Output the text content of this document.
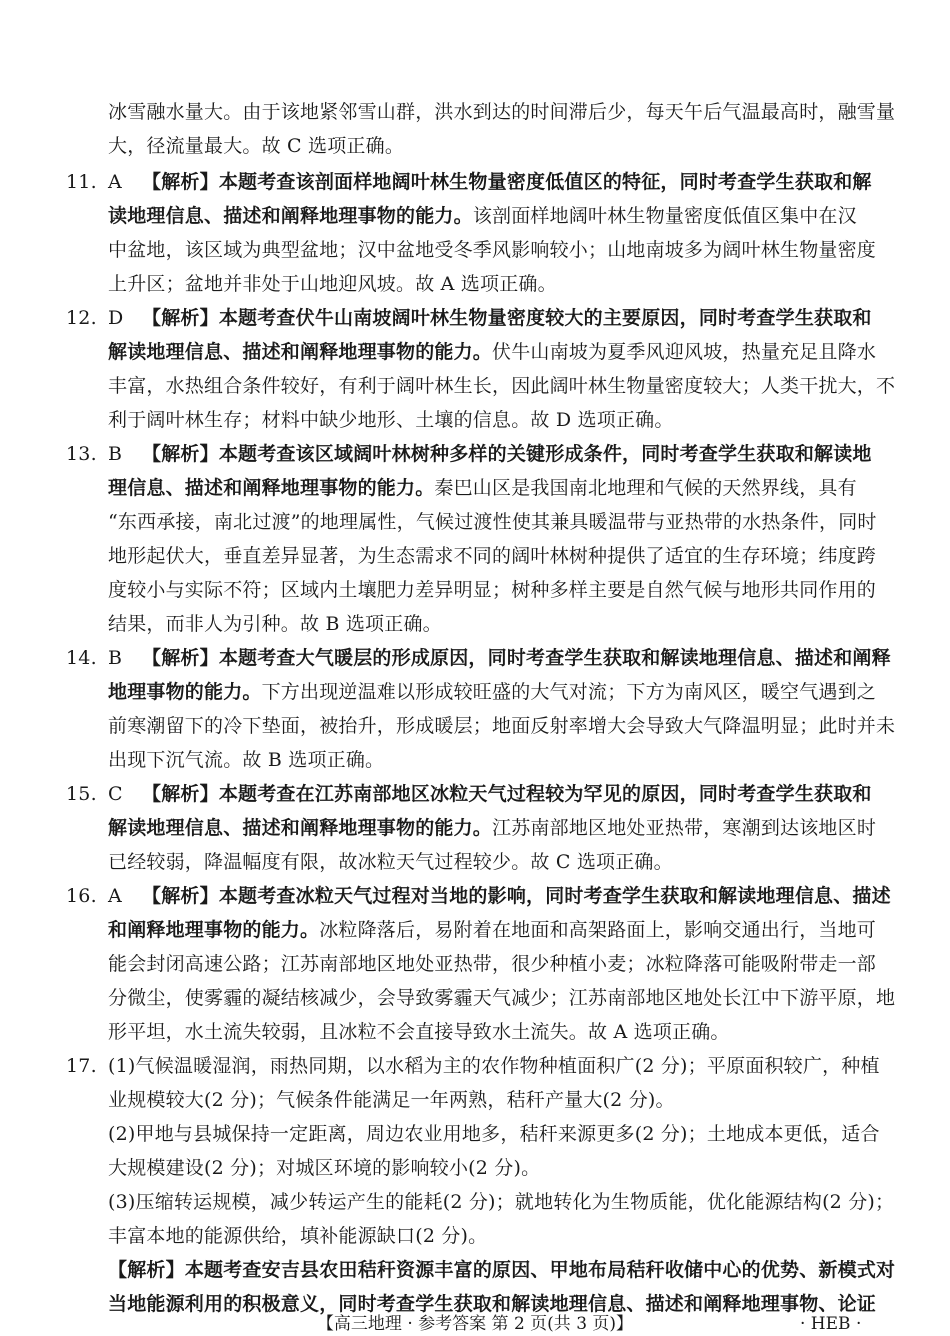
冰雪融水量大。由于该地紧邻雪山群，洪水到达的时间滞后少，每天午后气温最高时，融雪量
大，径流量最大。故 C 选项正确。
11. A 【解析】本题考查该剖面样地阔叶林生物量密度低值区的特征，同时考查学生获取和解
读地理信息、描述和阐释地理事物的能力。该剖面样地阔叶林生物量密度低值区集中在汉
中盆地，该区域为典型盆地；汉中盆地受冬季风影响较小；山地南坡多为阔叶林生物量密度
上升区；盆地并非处于山地迎风坡。故 A 选项正确。
12. D 【解析】本题考查伏牛山南坡阔叶林生物量密度较大的主要原因，同时考查学生获取和
解读地理信息、描述和阐释地理事物的能力。伏牛山南坡为夏季风迎风坡，热量充足且降水
丰富，水热组合条件较好，有利于阔叶林生长，因此阔叶林生物量密度较大；人类干扰大，不
利于阔叶林生存；材料中缺少地形、土壤的信息。故 D 选项正确。
13. B 【解析】本题考查该区域阔叶林树种多样的关键形成条件，同时考查学生获取和解读地
理信息、描述和阐释地理事物的能力。秦巴山区是我国南北地理和气候的天然界线，具有
“东西承接，南北过渡”的地理属性，气候过渡性使其兼具暖温带与亚热带的水热条件，同时
地形起伏大，垂直差异显著，为生态需求不同的阔叶林树种提供了适宜的生存环境；纬度跨
度较小与实际不符；区域内土壤肥力差异明显；树种多样主要是自然气候与地形共同作用的
结果，而非人为引种。故 B 选项正确。
14. B 【解析】本题考查大气暖层的形成原因，同时考查学生获取和解读地理信息、描述和阐释
地理事物的能力。下方出现逆温难以形成较旺盛的大气对流；下方为南风区，暖空气遇到之
前寒潮留下的冷下垫面，被抬升，形成暖层；地面反射率增大会导致大气降温明显；此时并未
出现下沉气流。故 B 选项正确。
15. C 【解析】本题考查在江苏南部地区冰粒天气过程较为罕见的原因，同时考查学生获取和
解读地理信息、描述和阐释地理事物的能力。江苏南部地区地处亚热带，寒潮到达该地区时
已经较弱，降温幅度有限，故冰粒天气过程较少。故 C 选项正确。
16. A 【解析】本题考查冰粒天气过程对当地的影响，同时考查学生获取和解读地理信息、描述
和阐释地理事物的能力。冰粒降落后，易附着在地面和高架路面上，影响交通出行，当地可
能会封闭高速公路；江苏南部地区地处亚热带，很少种植小麦；冰粒降落可能吸附带走一部
分微尘，使雾霾的凝结核减少，会导致雾霾天气减少；江苏南部地区地处长江中下游平原，地
形平坦，水土流失较弱，且冰粒不会直接导致水土流失。故 A 选项正确。
17. (1)气候温暖湿润，雨热同期，以水稻为主的农作物种植面积广(2 分)；平原面积较广，种植
业规模较大(2 分)；气候条件能满足一年两熟，秸秆产量大(2 分)。
(2)甲地与县城保持一定距离，周边农业用地多，秸秆来源更多(2 分)；土地成本更低，适合
大规模建设(2 分)；对城区环境的影响较小(2 分)。
(3)压缩转运规模，减少转运产生的能耗(2 分)；就地转化为生物质能，优化能源结构(2 分)；
丰富本地的能源供给，填补能源缺口(2 分)。
【解析】本题考查安吉县农田秸秆资源丰富的原因、甲地布局秸秆收储中心的优势、新模式对
当地能源利用的积极意义，同时考查学生获取和解读地理信息、描述和阐释地理事物、论证
【高三地理 · 参考答案 第 2 页(共 3 页)】	· HEB ·
